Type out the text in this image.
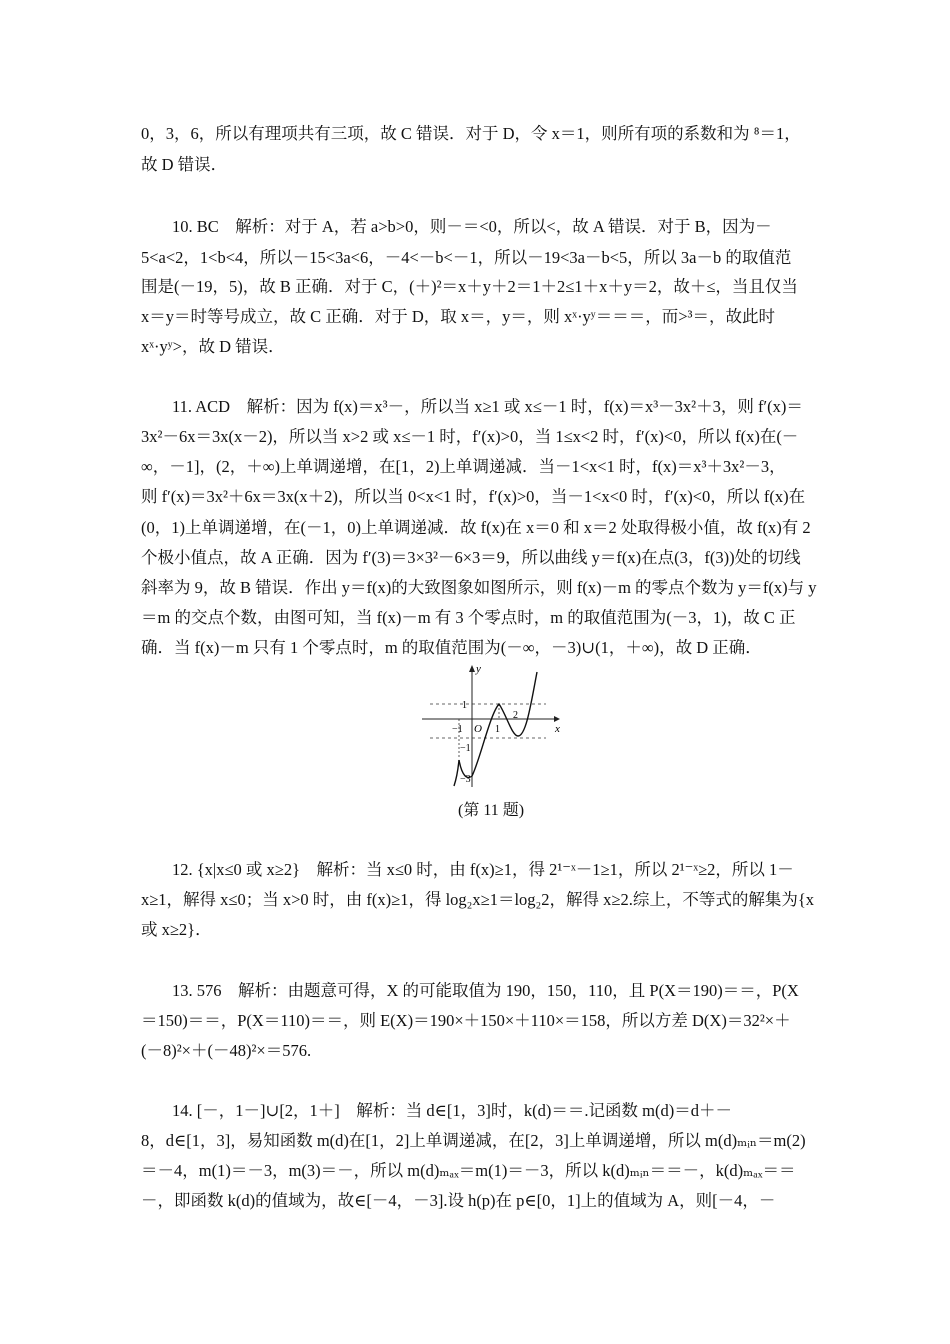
0，3，6，所以有理项共有三项，故 C 错误．对于 D，令 x＝1，则所有项的系数和为 ⁸＝1，
故 D 错误．
10. BC　解析：对于 A，若 a>b>0，则－＝<0，所以<，故 A 错误．对于 B，因为－
5<a<2，1<b<4，所以－15<3a<6，－4<－b<－1，所以－19<3a－b<5，所以 3a－b 的取值范
围是(－19，5)，故 B 正确．对于 C，(＋)²＝x＋y＋2＝1＋2≤1＋x＋y＝2，故＋≤，当且仅当
x＝y＝时等号成立，故 C 正确．对于 D，取 x＝，y＝，则 xˣ·yʸ＝＝＝，而>³＝，故此时
xˣ·yʸ>，故 D 错误．
11. ACD　解析：因为 f(x)＝x³－，所以当 x≥1 或 x≤－1 时，f(x)＝x³－3x²＋3，则 f′(x)＝
3x²－6x＝3x(x－2)，所以当 x>2 或 x≤－1 时，f′(x)>0，当 1≤x<2 时，f′(x)<0，所以 f(x)在(－
∞，－1]，(2，＋∞)上单调递增，在[1，2)上单调递减．当－1<x<1 时，f(x)＝x³＋3x²－3，
则 f′(x)＝3x²＋6x＝3x(x＋2)，所以当 0<x<1 时，f′(x)>0，当－1<x<0 时，f′(x)<0，所以 f(x)在
(0，1)上单调递增，在(－1，0)上单调递减．故 f(x)在 x＝0 和 x＝2 处取得极小值，故 f(x)有 2
个极小值点，故 A 正确．因为 f′(3)＝3×3²－6×3＝9，所以曲线 y＝f(x)在点(3，f(3))处的切线
斜率为 9，故 B 错误．作出 y＝f(x)的大致图象如图所示，则 f(x)－m 的零点个数为 y＝f(x)与 y
＝m 的交点个数，由图可知，当 f(x)－m 有 3 个零点时，m 的取值范围为(－3，1)，故 C 正
确．当 f(x)－m 只有 1 个零点时，m 的取值范围为(－∞，－3)∪(1，＋∞)，故 D 正确．
y
x
O
1
−1
−3
−1
1
2
(第 11 题)
12. {x|x≤0 或 x≥2}　解析：当 x≤0 时，由 f(x)≥1，得 2¹⁻ˣ－1≥1，所以 2¹⁻ˣ≥2，所以 1－
x≥1，解得 x≤0；当 x>0 时，由 f(x)≥1，得 log₂x≥1＝log₂2，解得 x≥2.综上，不等式的解集为{x
或 x≥2}．
13. 576　解析：由题意可得，X 的可能取值为 190，150，110，且 P(X＝190)＝＝，P(X
＝150)＝＝，P(X＝110)＝＝，则 E(X)＝190×＋150×＋110×＝158，所以方差 D(X)＝32²×＋
(－8)²×＋(－48)²×＝576.
14. [－，1－]∪[2，1＋]　解析：当 d∈[1，3]时，k(d)＝＝.记函数 m(d)＝d＋－
8，d∈[1，3]，易知函数 m(d)在[1，2]上单调递减，在[2，3]上单调递增，所以 m(d)ₘᵢₙ＝m(2)
＝－4，m(1)＝－3，m(3)＝－，所以 m(d)ₘₐₓ＝m(1)＝－3，所以 k(d)ₘᵢₙ＝＝－，k(d)ₘₐₓ＝＝
－，即函数 k(d)的值域为，故∈[－4，－3].设 h(p)在 p∈[0，1]上的值域为 A，则[－4，－
